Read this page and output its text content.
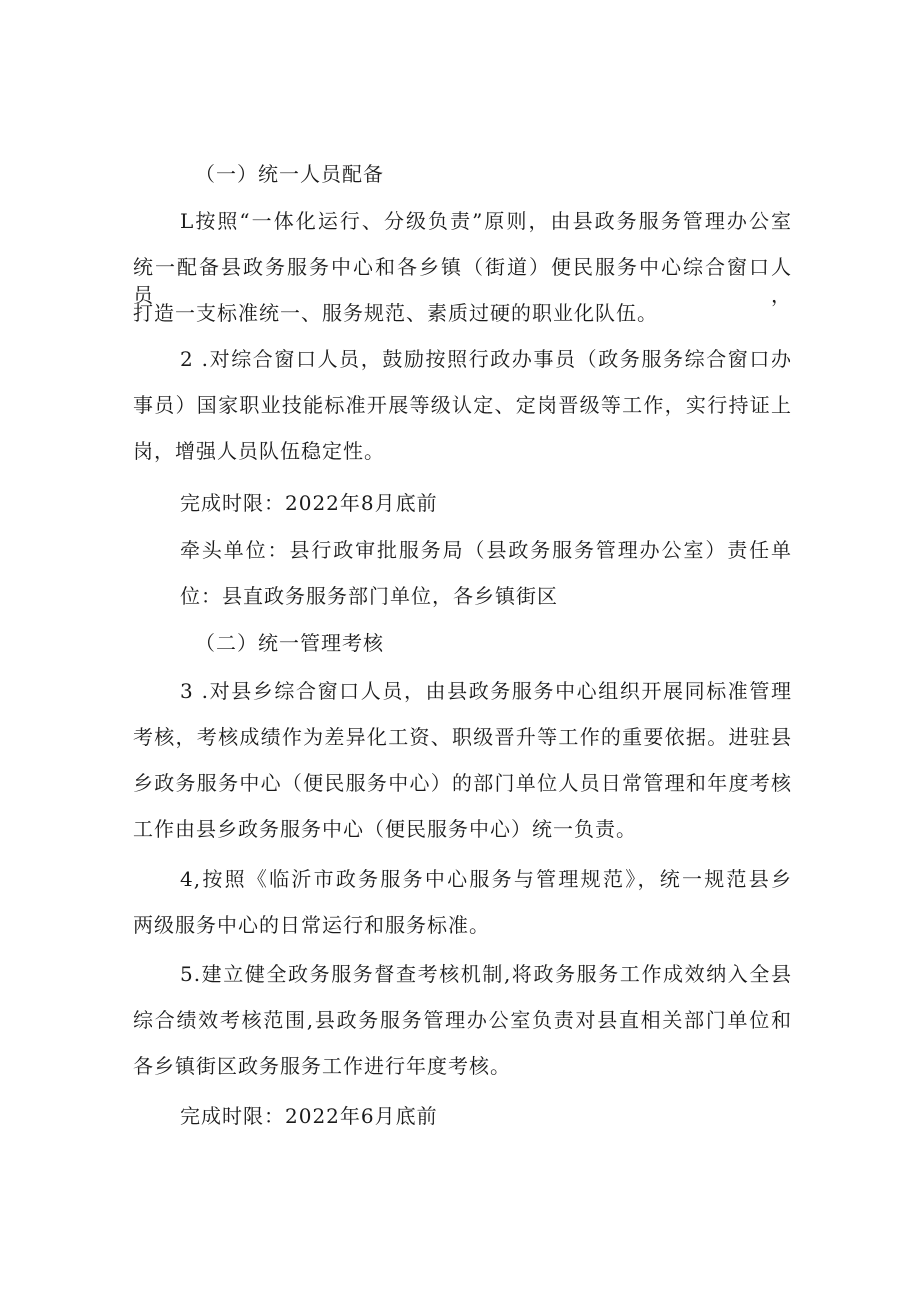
（一）统一人员配备
L按照“一体化运行、分级负责”原则，由县政务服务管理办公室
统一配备县政务服务中心和各乡镇（街道）便民服务中心综合窗口人员，
打造一支标准统一、服务规范、素质过硬的职业化队伍。
2 .对综合窗口人员，鼓励按照行政办事员（政务服务综合窗口办
事员）国家职业技能标准开展等级认定、定岗晋级等工作，实行持证上
岗，增强人员队伍稳定性。
完成时限：2022年8月底前
牵头单位：县行政审批服务局（县政务服务管理办公室）责任单
位：县直政务服务部门单位，各乡镇街区
（二）统一管理考核
3 .对县乡综合窗口人员，由县政务服务中心组织开展同标准管理
考核，考核成绩作为差异化工资、职级晋升等工作的重要依据。进驻县
乡政务服务中心（便民服务中心）的部门单位人员日常管理和年度考核
工作由县乡政务服务中心（便民服务中心）统一负责。
4,按照《临沂市政务服务中心服务与管理规范》，统一规范县乡
两级服务中心的日常运行和服务标准。
5.建立健全政务服务督查考核机制,将政务服务工作成效纳入全县
综合绩效考核范围,县政务服务管理办公室负责对县直相关部门单位和
各乡镇街区政务服务工作进行年度考核。
完成时限：2022年6月底前
